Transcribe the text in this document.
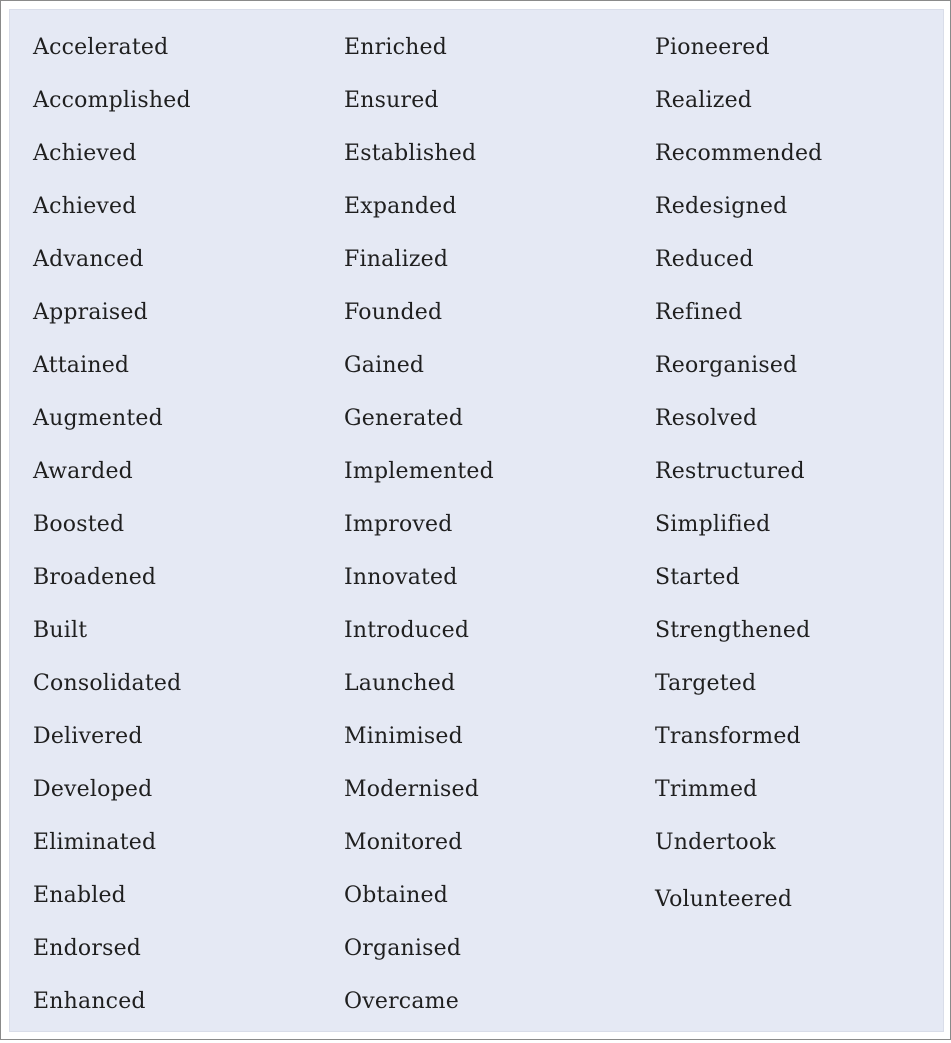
Accelerated
Accomplished
Achieved
Achieved
Advanced
Appraised
Attained
Augmented
Awarded
Boosted
Broadened
Built
Consolidated
Delivered
Developed
Eliminated
Enabled
Endorsed
Enhanced
Enriched
Ensured
Established
Expanded
Finalized
Founded
Gained
Generated
Implemented
Improved
Innovated
Introduced
Launched
Minimised
Modernised
Monitored
Obtained
Organised
Overcame
Pioneered
Realized
Recommended
Redesigned
Reduced
Refined
Reorganised
Resolved
Restructured
Simplified
Started
Strengthened
Targeted
Transformed
Trimmed
Undertook
Volunteered
